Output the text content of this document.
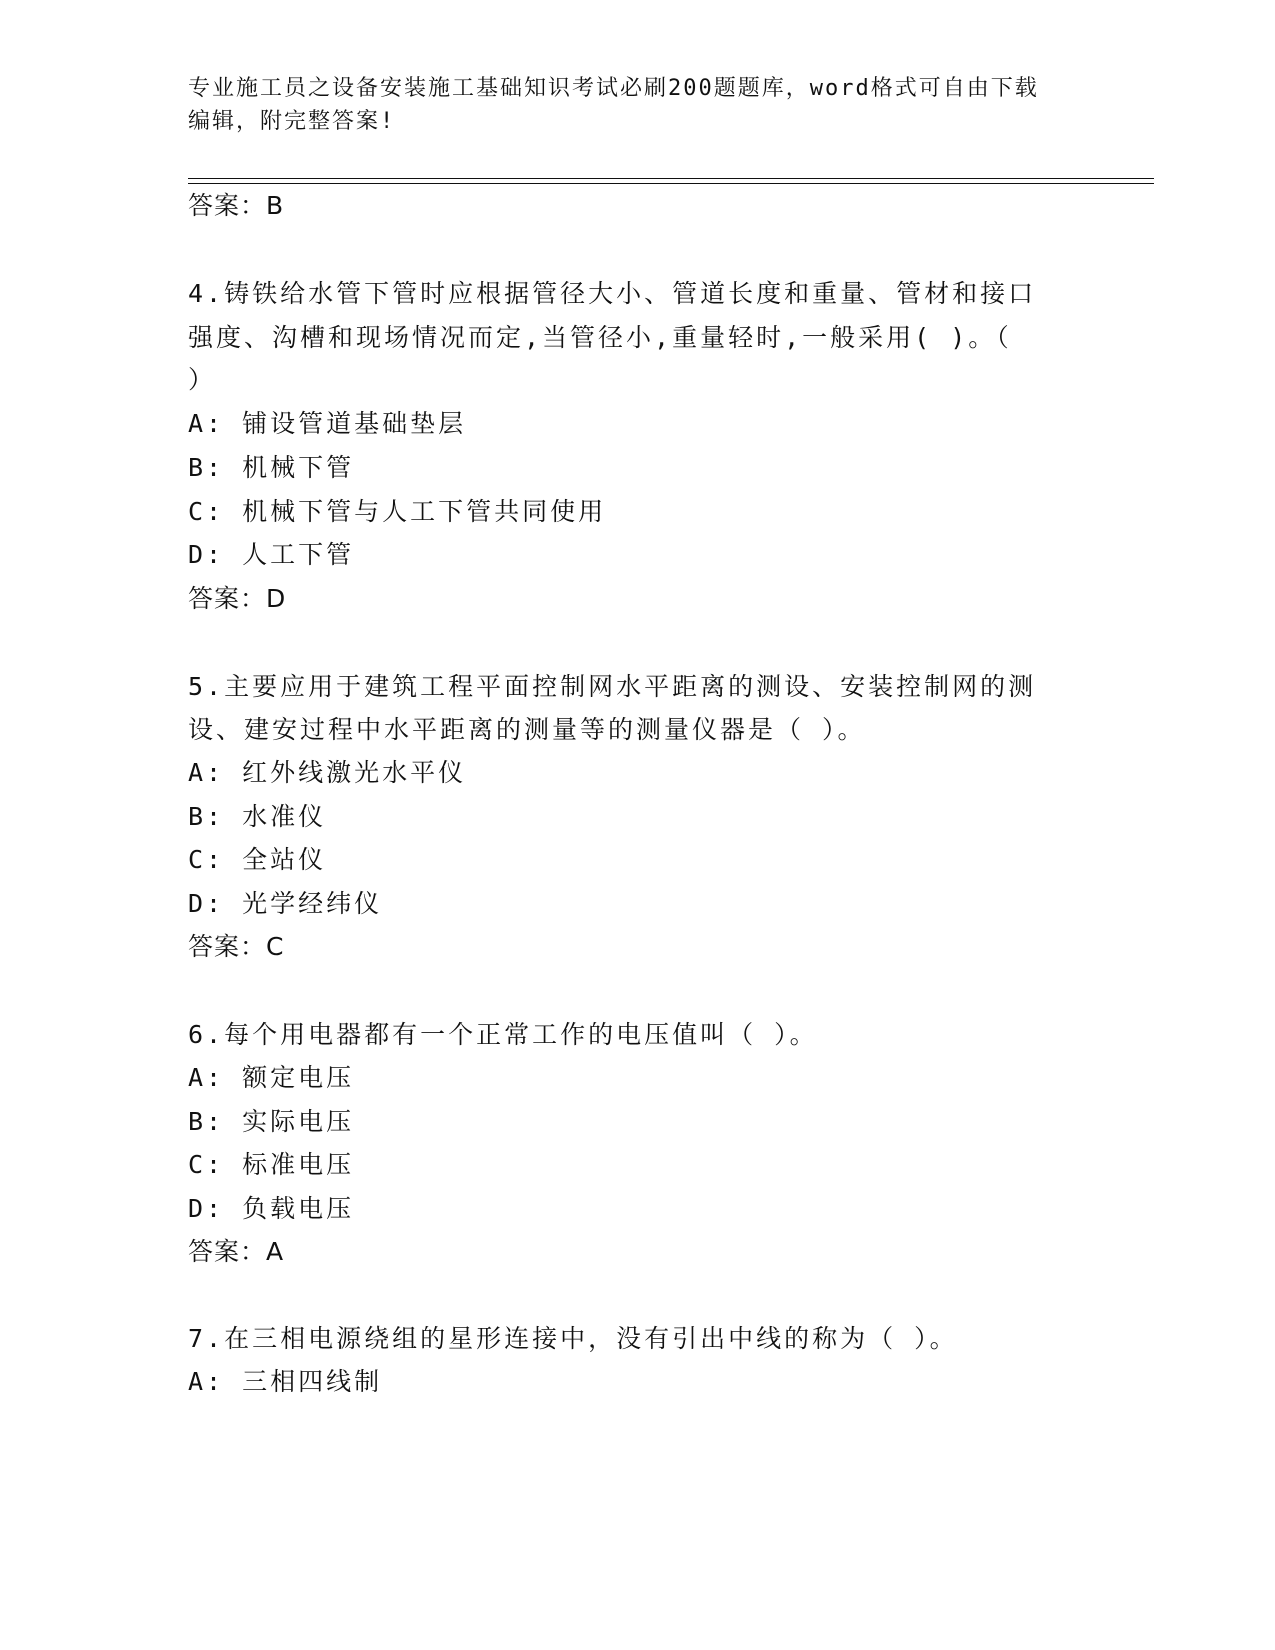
专业施工员之设备安装施工基础知识考试必刷200题题库，word格式可自由下载
编辑，附完整答案!
答案：B
4.铸铁给水管下管时应根据管径大小、管道长度和重量、管材和接口
强度、沟槽和现场情况而定,当管径小,重量轻时,一般采用( )。（
）
A: 铺设管道基础垫层
B: 机械下管
C: 机械下管与人工下管共同使用
D: 人工下管
答案：D
5.主要应用于建筑工程平面控制网水平距离的测设、安装控制网的测
设、建安过程中水平距离的测量等的测量仪器是（ ）。
A: 红外线激光水平仪
B: 水准仪
C: 全站仪
D: 光学经纬仪
答案：C
6.每个用电器都有一个正常工作的电压值叫（ ）。
A: 额定电压
B: 实际电压
C: 标准电压
D: 负载电压
答案：A
7.在三相电源绕组的星形连接中，没有引出中线的称为（ ）。
A: 三相四线制
